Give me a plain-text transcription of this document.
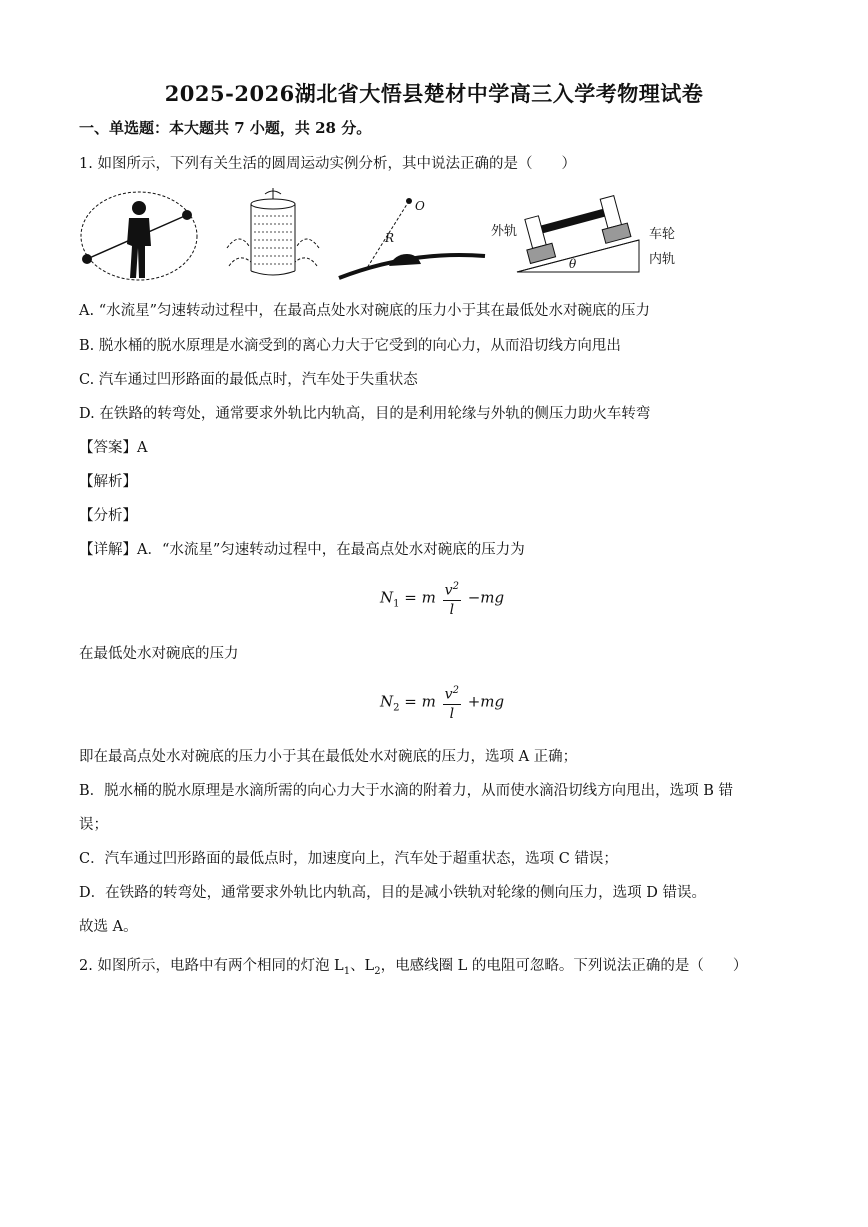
2025-2026湖北省大悟县楚材中学高三入学考物理试卷
一、单选题：本大题共 7 小题，共 28 分。
1. 如图所示，下列有关生活的圆周运动实例分析，其中说法正确的是（　　）
O
R	外轨	车轮
内轨
θ
A. “水流星”匀速转动过程中，在最高点处水对碗底的压力小于其在最低处水对碗底的压力
B. 脱水桶的脱水原理是水滴受到的离心力大于它受到的向心力，从而沿切线方向甩出
C. 汽车通过凹形路面的最低点时，汽车处于失重状态
D. 在铁路的转弯处，通常要求外轨比内轨高，目的是利用轮缘与外轨的侧压力助火车转弯
【答案】A
【解析】
【分析】
【详解】A．“水流星”匀速转动过程中，在最高点处水对碗底的压力为
$N_1 = m \frac{v^2}{l} -mg$
在最低处水对碗底的压力
$N_2 = m \frac{v^2}{l} +mg$
即在最高点处水对碗底的压力小于其在最低处水对碗底的压力，选项 A 正确；
B．脱水桶的脱水原理是水滴所需的向心力大于水滴的附着力，从而使水滴沿切线方向甩出，选项 B 错
误；
C．汽车通过凹形路面的最低点时，加速度向上，汽车处于超重状态，选项 C 错误；
D．在铁路的转弯处，通常要求外轨比内轨高，目的是减小铁轨对轮缘的侧向压力，选项 D 错误。
故选 A。
2. 如图所示，电路中有两个相同的灯泡 $L_1$、$L_2$，电感线圈 L 的电阻可忽略。下列说法正确的是（　　）
